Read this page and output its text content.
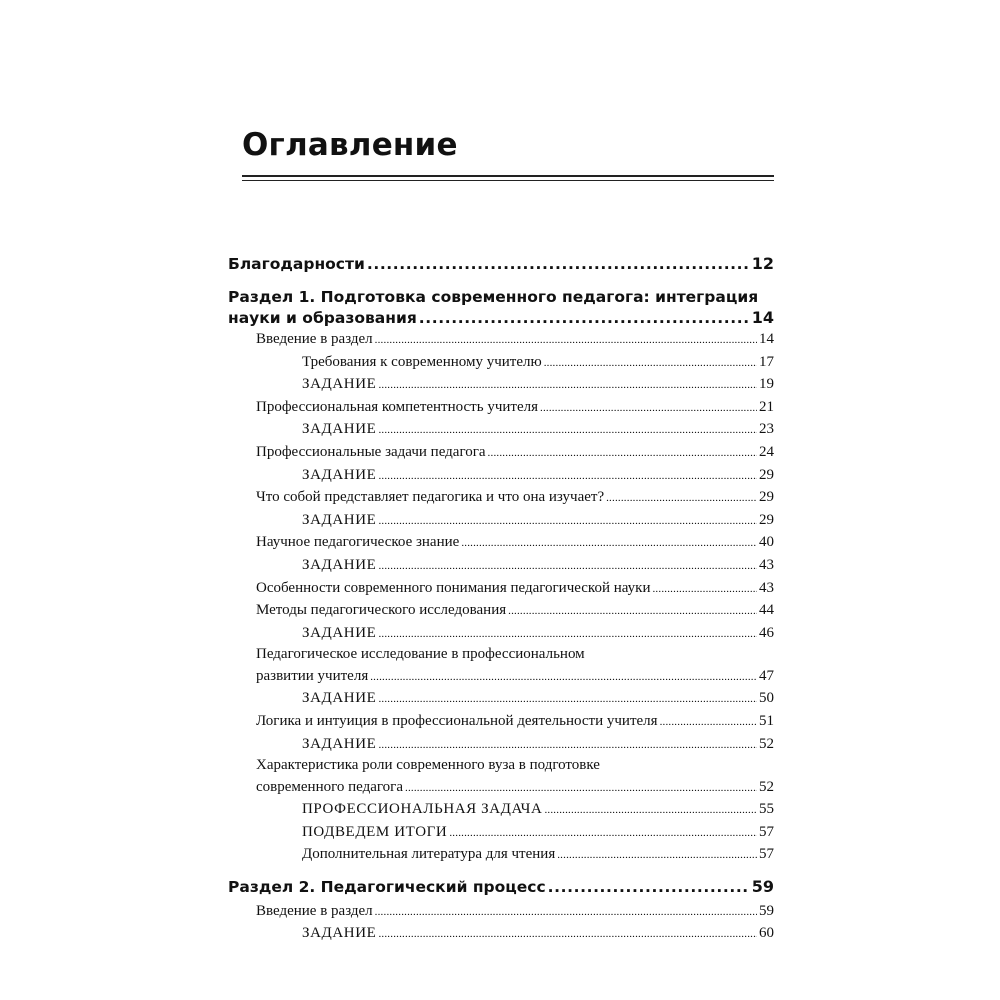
Оглавление
Благодарности .....	12
Раздел 1. Подготовка современного педагога: интеграция
науки и образования .....	14
Введение в раздел .....	14
Требования к современному учителю .....	17
ЗАДАНИЕ .....	19
Профессиональная компетентность учителя .....	21
ЗАДАНИЕ .....	23
Профессиональные задачи педагога .....	24
ЗАДАНИЕ .....	29
Что собой представляет педагогика и что она изучает? .....	29
ЗАДАНИЕ .....	29
Научное педагогическое знание .....	40
ЗАДАНИЕ .....	43
Особенности современного понимания педагогической науки .....	43
Методы педагогического исследования .....	44
ЗАДАНИЕ .....	46
Педагогическое исследование в профессиональном
развитии учителя .....	47
ЗАДАНИЕ .....	50
Логика и интуиция в профессиональной деятельности учителя .....	51
ЗАДАНИЕ .....	52
Характеристика роли современного вуза в подготовке
современного педагога .....	52
ПРОФЕССИОНАЛЬНАЯ ЗАДАЧА .....	55
ПОДВЕДЕМ ИТОГИ .....	57
Дополнительная литература для чтения .....	57
Раздел 2. Педагогический процесс .....	59
Введение в раздел .....	59
ЗАДАНИЕ .....	60
